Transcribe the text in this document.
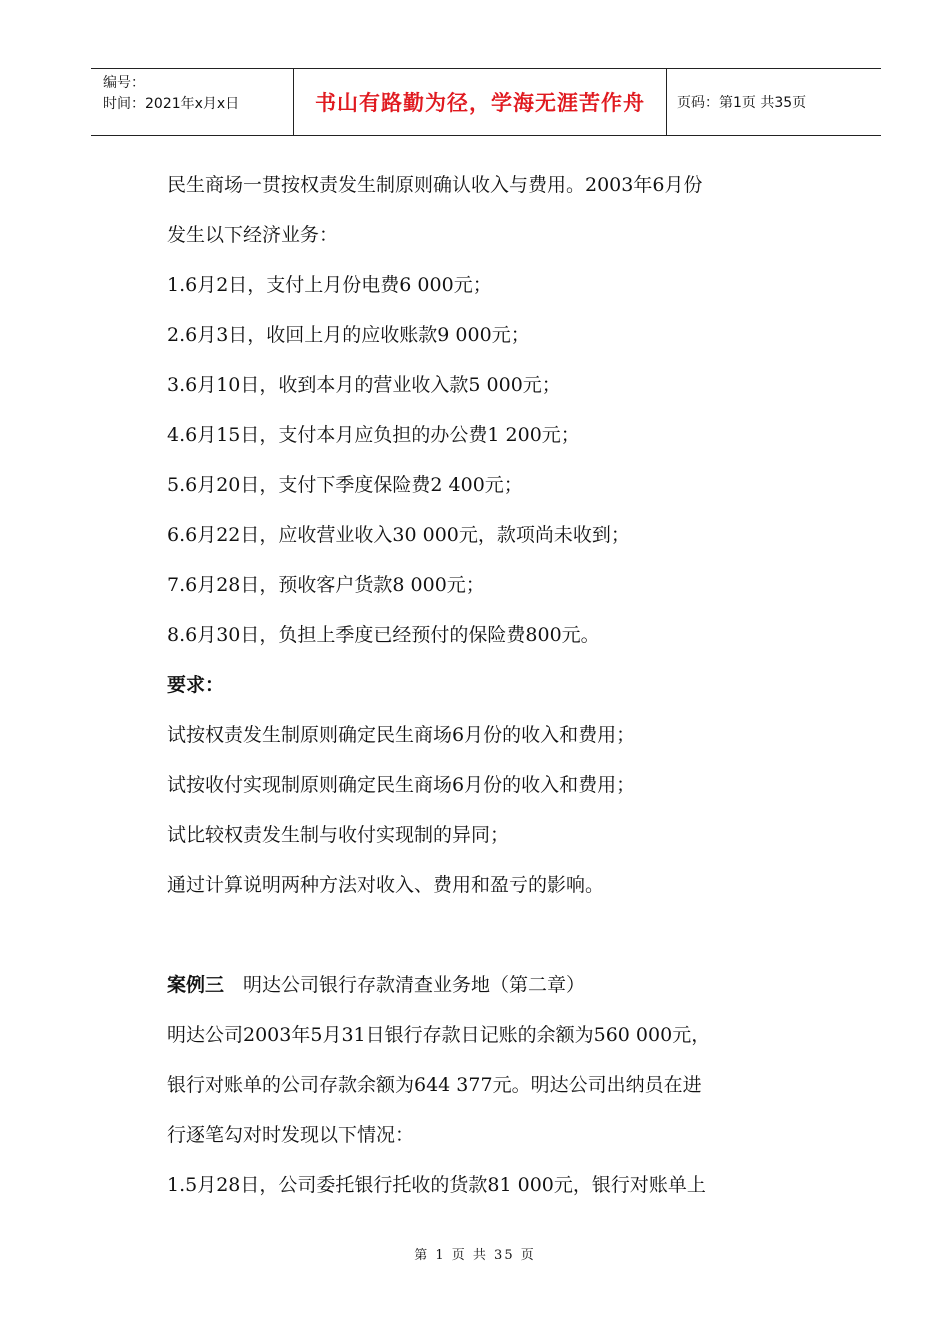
编号：
时间：2021年x月x日	书山有路勤为径，学海无涯苦作舟 页码：第1页 共35页
民生商场一贯按权责发生制原则确认收入与费用。2003年6月份
发生以下经济业务：
1.6月2日，支付上月份电费6 000元；
2.6月3日，收回上月的应收账款9 000元；
3.6月10日，收到本月的营业收入款5 000元；
4.6月15日，支付本月应负担的办公费1 200元；
5.6月20日，支付下季度保险费2 400元；
6.6月22日，应收营业收入30 000元，款项尚未收到；
7.6月28日，预收客户货款8 000元；
8.6月30日，负担上季度已经预付的保险费800元。
要求：
试按权责发生制原则确定民生商场6月份的收入和费用；
试按收付实现制原则确定民生商场6月份的收入和费用；
试比较权责发生制与收付实现制的异同；
通过计算说明两种方法对收入、费用和盈亏的影响。
案例三　明达公司银行存款清查业务地（第二章）
明达公司2003年5月31日银行存款日记账的余额为560 000元，
银行对账单的公司存款余额为644 377元。明达公司出纳员在进
行逐笔勾对时发现以下情况：
1.5月28日，公司委托银行托收的货款81 000元，银行对账单上
第 1 页 共 35 页
